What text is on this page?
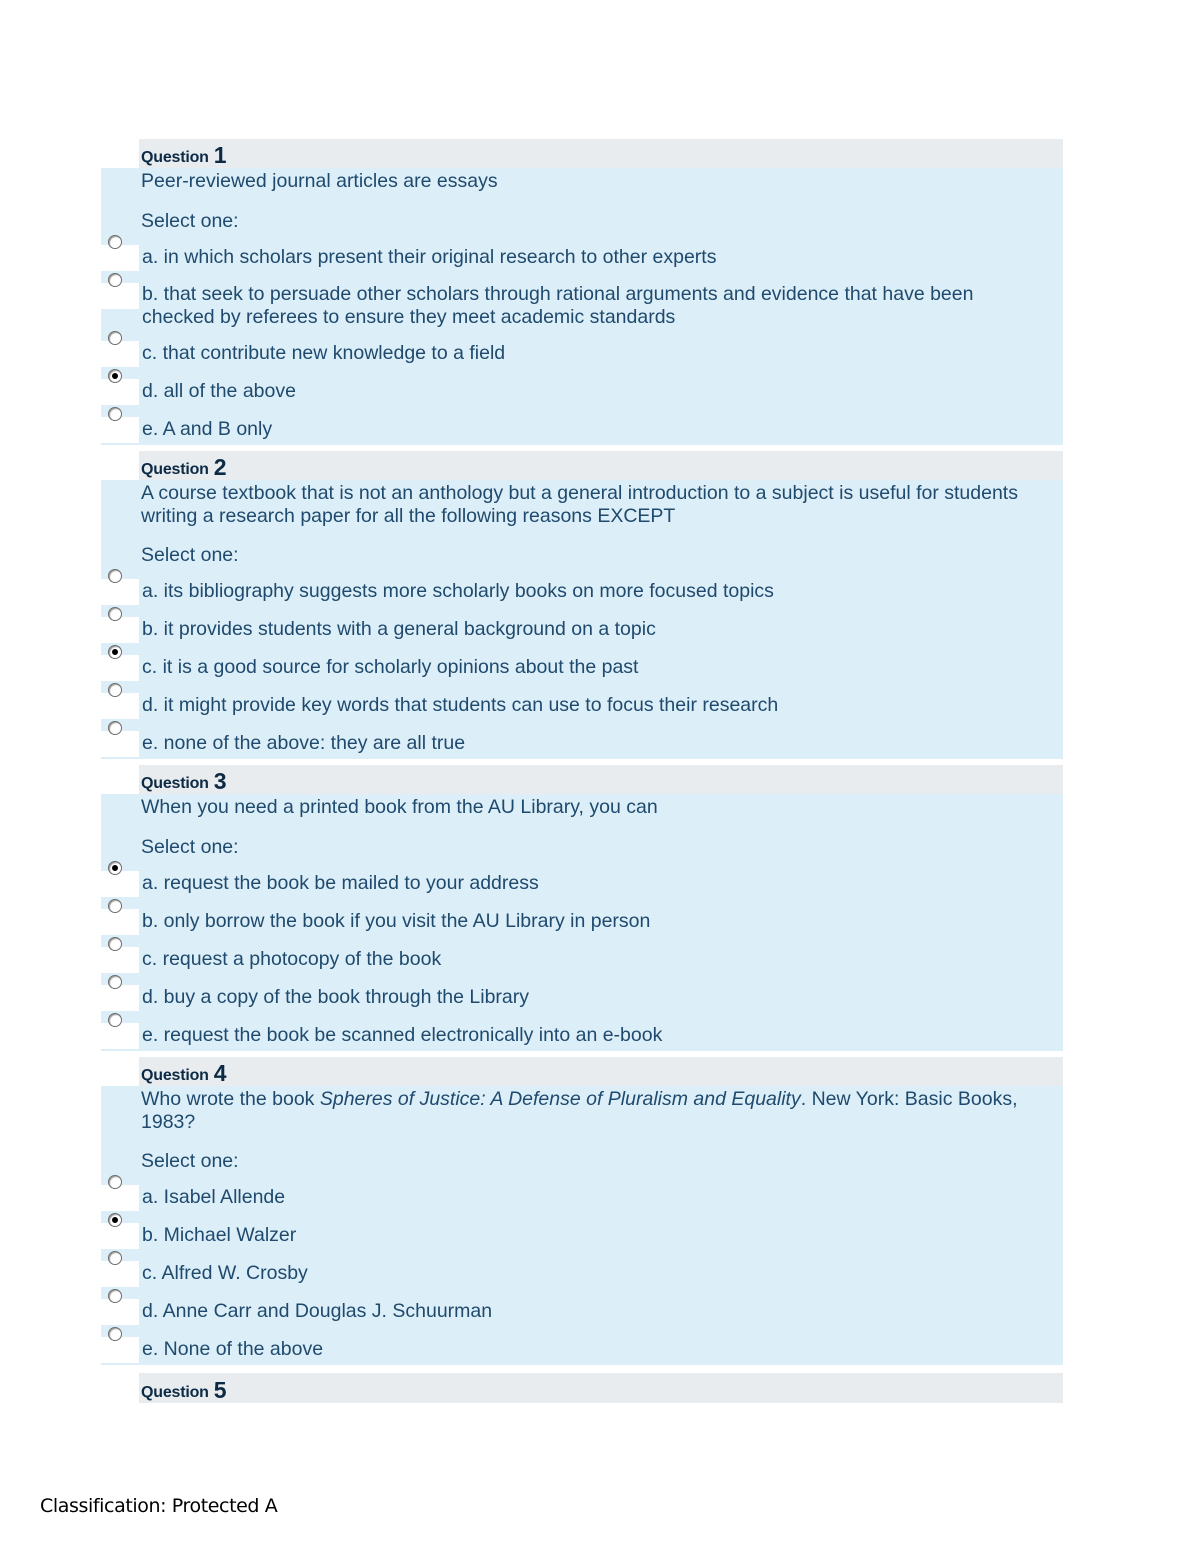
Question 1
Peer-reviewed journal articles are essays
Select one:
a. in which scholars present their original research to other experts
b. that seek to persuade other scholars through rational arguments and evidence that have been checked by referees to ensure they meet academic standards
c. that contribute new knowledge to a field
d. all of the above
e. A and B only
Question 2
A course textbook that is not an anthology but a general introduction to a subject is useful for students writing a research paper for all the following reasons EXCEPT
Select one:
a. its bibliography suggests more scholarly books on more focused topics
b. it provides students with a general background on a topic
c. it is a good source for scholarly opinions about the past
d. it might provide key words that students can use to focus their research
e. none of the above: they are all true
Question 3
When you need a printed book from the AU Library, you can
Select one:
a. request the book be mailed to your address
b. only borrow the book if you visit the AU Library in person
c. request a photocopy of the book
d. buy a copy of the book through the Library
e. request the book be scanned electronically into an e-book
Question 4
Who wrote the book Spheres of Justice: A Defense of Pluralism and Equality. New York: Basic Books, 1983?
Select one:
a. Isabel Allende
b. Michael Walzer
c. Alfred W. Crosby
d. Anne Carr and Douglas J. Schuurman
e. None of the above
Question 5
Classification: Protected A
